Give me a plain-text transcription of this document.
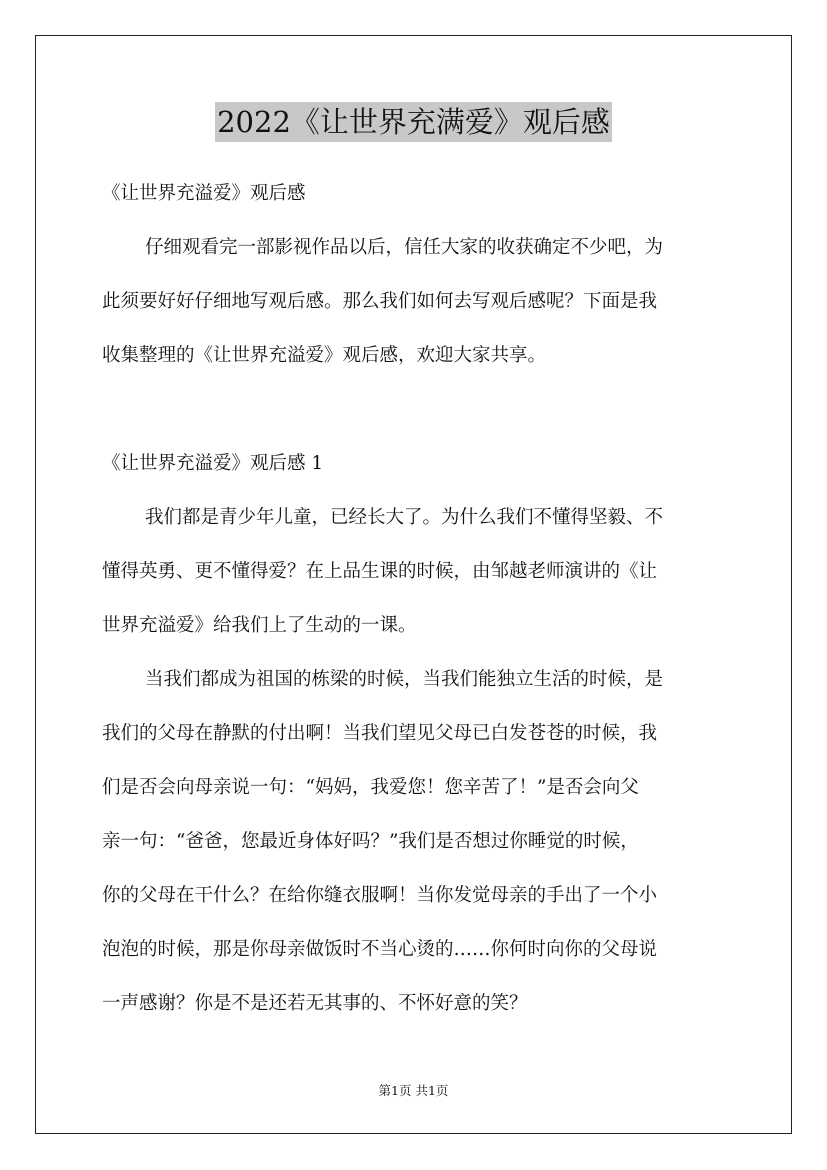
2022《让世界充满爱》观后感
《让世界充溢爱》观后感
仔细观看完一部影视作品以后，信任大家的收获确定不少吧，为
此须要好好仔细地写观后感。那么我们如何去写观后感呢？下面是我
收集整理的《让世界充溢爱》观后感，欢迎大家共享。
《让世界充溢爱》观后感 1
我们都是青少年儿童，已经长大了。为什么我们不懂得坚毅、不
懂得英勇、更不懂得爱？在上品生课的时候，由邹越老师演讲的《让
世界充溢爱》给我们上了生动的一课。
当我们都成为祖国的栋梁的时候，当我们能独立生活的时候，是
我们的父母在静默的付出啊！当我们望见父母已白发苍苍的时候，我
们是否会向母亲说一句：“妈妈，我爱您！您辛苦了！”是否会向父
亲一句：“爸爸，您最近身体好吗？”我们是否想过你睡觉的时候，
你的父母在干什么？在给你缝衣服啊！当你发觉母亲的手出了一个小
泡泡的时候，那是你母亲做饭时不当心烫的……你何时向你的父母说
一声感谢？你是不是还若无其事的、不怀好意的笑？
第1页 共1页
